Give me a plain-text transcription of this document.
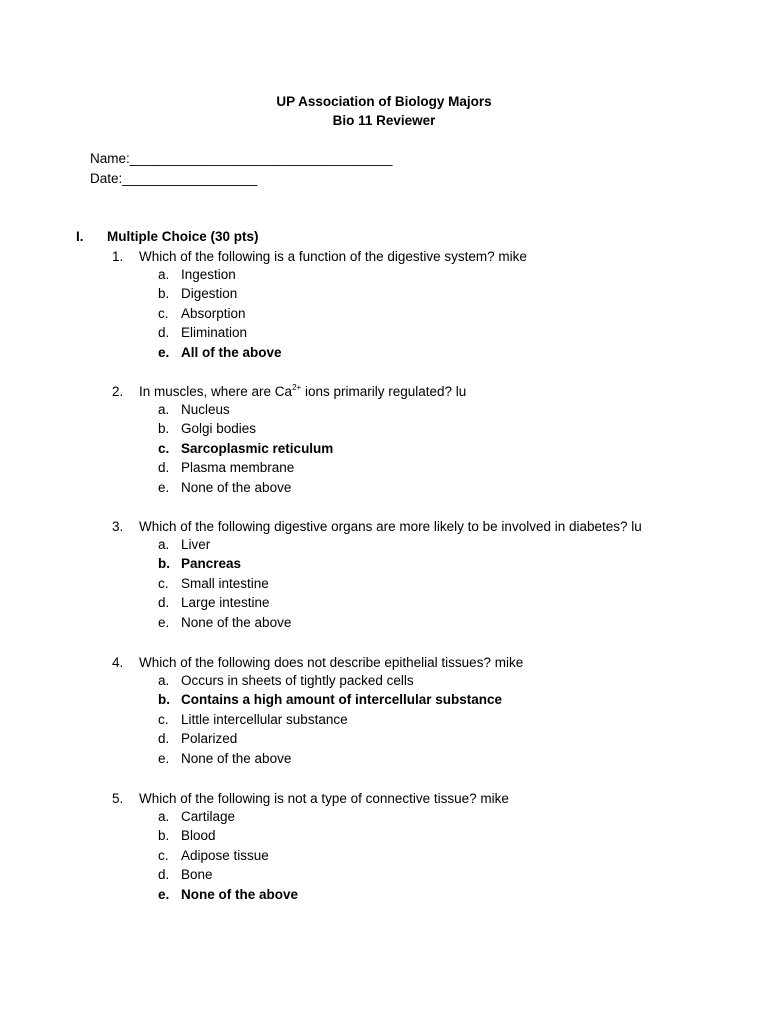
UP Association of Biology Majors
Bio 11 Reviewer
Name:___________________________________
Date:__________________
I. Multiple Choice (30 pts)
1. Which of the following is a function of the digestive system? mike
a. Ingestion
b. Digestion
c. Absorption
d. Elimination
e. All of the above
2. In muscles, where are $Ca^{2+}$ ions primarily regulated? lu
a. Nucleus
b. Golgi bodies
c. Sarcoplasmic reticulum
d. Plasma membrane
e. None of the above
3. Which of the following digestive organs are more likely to be involved in diabetes? lu
a. Liver
b. Pancreas
c. Small intestine
d. Large intestine
e. None of the above
4. Which of the following does not describe epithelial tissues? mike
a. Occurs in sheets of tightly packed cells
b. Contains a high amount of intercellular substance
c. Little intercellular substance
d. Polarized
e. None of the above
5. Which of the following is not a type of connective tissue? mike
a. Cartilage
b. Blood
c. Adipose tissue
d. Bone
e. None of the above
